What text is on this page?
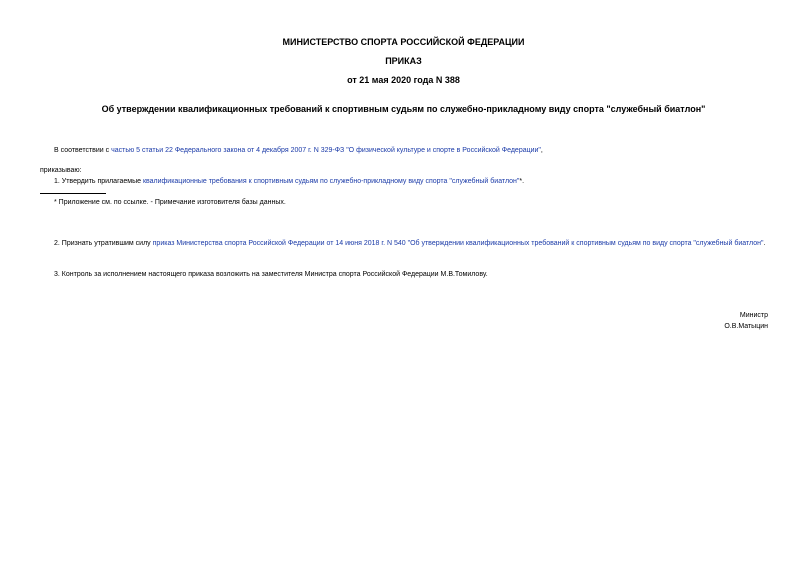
МИНИСТЕРСТВО СПОРТА РОССИЙСКОЙ ФЕДЕРАЦИИ
ПРИКАЗ
от 21 мая 2020 года N 388
Об утверждении квалификационных требований к спортивным судьям по служебно-прикладному виду спорта "служебный биатлон"
В соответствии с частью 5 статьи 22 Федерального закона от 4 декабря 2007 г. N 329-ФЗ "О физической культуре и спорте в Российской Федерации",
приказываю:
1. Утвердить прилагаемые квалификационные требования к спортивным судьям по служебно-прикладному виду спорта "служебный биатлон"*.
* Приложение см. по ссылке. - Примечание изготовителя базы данных.
2. Признать утратившим силу приказ Министерства спорта Российской Федерации от 14 июня 2018 г. N 540 "Об утверждении квалификационных требований к спортивным судьям по виду спорта "служебный биатлон".
3. Контроль за исполнением настоящего приказа возложить на заместителя Министра спорта Российской Федерации М.В.Томилову.
Министр
О.В.Матыцин
